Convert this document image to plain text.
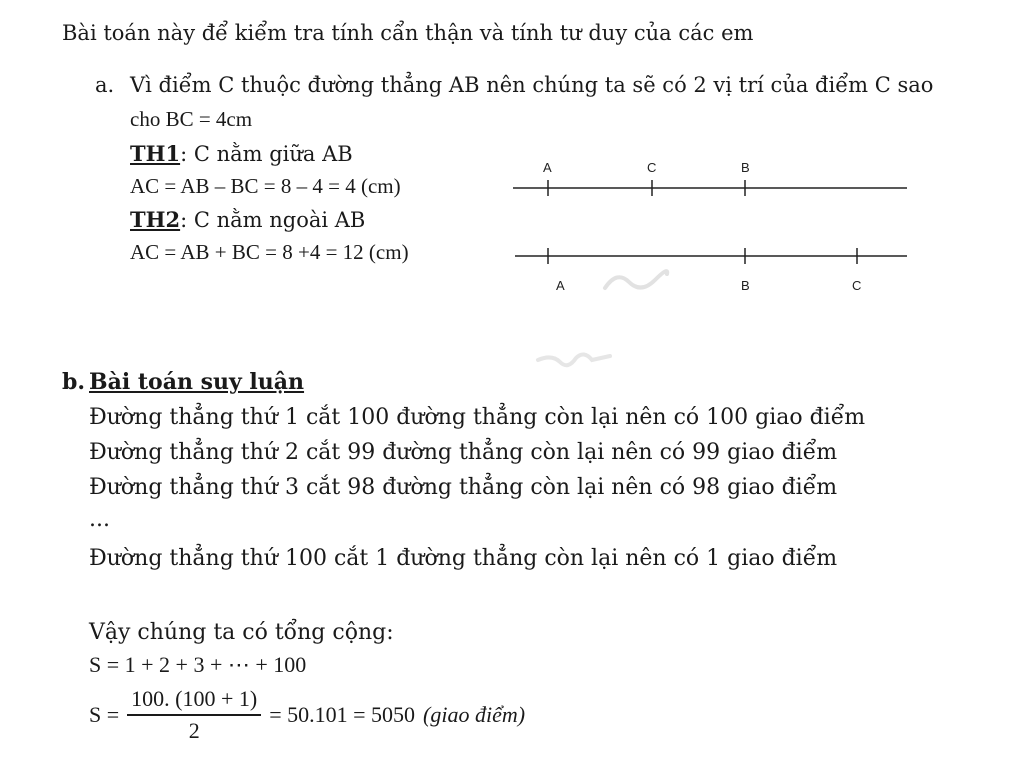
Bài toán này để kiểm tra tính cẩn thận và tính tư duy của các em
a. Vì điểm C thuộc đường thẳng AB nên chúng ta sẽ có 2 vị trí của điểm C sao
cho BC = 4cm
TH1: C nằm giữa AB
AC = AB – BC = 8 – 4 = 4 (cm)
TH2: C nằm ngoài AB
AC = AB + BC = 8 +4 = 12 (cm)
A	C	B
A	B	C
b. Bài toán suy luận
Đường thẳng thứ 1 cắt 100 đường thẳng còn lại nên có 100 giao điểm
Đường thẳng thứ 2 cắt 99 đường thẳng còn lại nên có 99 giao điểm
Đường thẳng thứ 3 cắt 98 đường thẳng còn lại nên có 98 giao điểm
...
Đường thẳng thứ 100 cắt 1 đường thẳng còn lại nên có 1 giao điểm
Vậy chúng ta có tổng cộng:
S = 1 + 2 + 3 + ⋯ + 100
$S = \frac{100. (100 + 1)}{2} = 50.101 = 5050$ (giao điểm)
